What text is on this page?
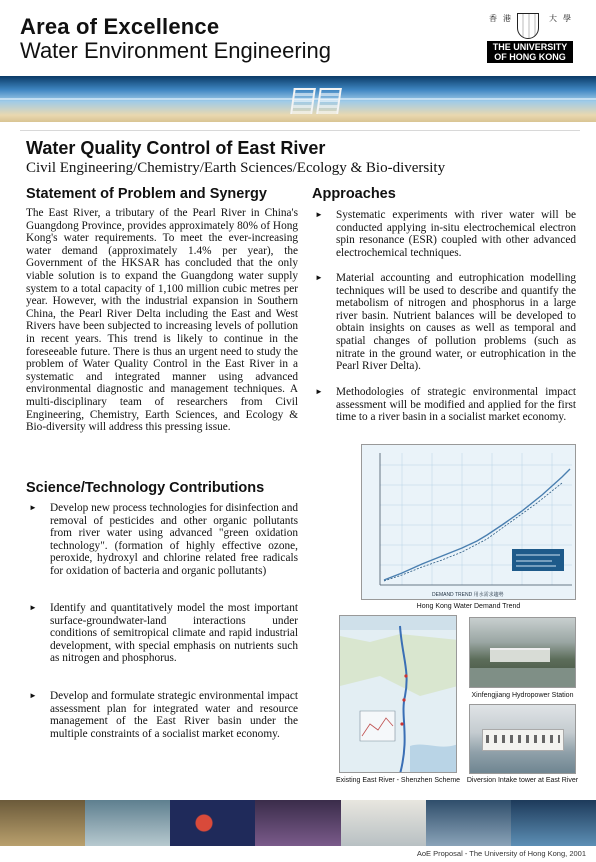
Area of Excellence
Water Environment Engineering
香 港	大 學
THE UNIVERSITY
OF HONG KONG
Water Quality Control of East River
Civil Engineering/Chemistry/Earth Sciences/Ecology & Bio-diversity
Statement of Problem and Synergy
The East River, a tributary of the Pearl River in China's Guangdong Province, provides approximately 80% of Hong Kong's water requirements. To meet the ever-increasing water demand (approximately 1.4% per year), the Government of the HKSAR has concluded that the only viable solution is to expand the Guangdong water supply system to a total capacity of 1,100 million cubic metres per year. However, with the industrial expansion in Southern China, the Pearl River Delta including the East and West Rivers have been subjected to increasing levels of pollution in recent years. This trend is likely to continue in the foreseeable future. There is thus an urgent need to study the problem of Water Quality Control in the East River in a systematic and integrated manner using advanced environmental diagnostic and management techniques. A multi-disciplinary team of researchers from Civil Engineering, Chemistry, Earth Sciences, and Ecology & Bio-diversity will address this pressing issue.
Science/Technology Contributions
► Develop new process technologies for disinfection and removal of pesticides and other organic pollutants from river water using advanced "green oxidation technology". (formation of highly effective ozone, peroxide, hydroxyl and chlorine related free radicals for oxidation of bacteria and organic pollutants)
► Identify and quantitatively model the most important surface-groundwater-land interactions under conditions of semitropical climate and rapid industrial development, with special emphasis on nutrients such as nitrogen and phosphorus.
► Develop and formulate strategic environmental impact assessment plan for integrated water and resource management of the East River basin under the multiple constraints of a socialist market economy.
Approaches
► Systematic experiments with river water will be conducted applying in-situ electrochemical electron spin resonance (ESR) coupled with other advanced electrochemical techniques.
► Material accounting and eutrophication modelling techniques will be used to describe and quantify the metabolism of nitrogen and phosphorus in a large river basin. Nutrient balances will be developed to obtain insights on causes as well as temporal and spatial changes of pollution problems (such as nitrate in the ground water, or eutrophication in the Pearl River Delta).
► Methodologies of strategic environmental impact assessment will be modified and applied for the first time to a river basin in a socialist market economy.
DEMAND TREND 用水需求趨勢
Hong Kong Water Demand Trend
Existing East River - Shenzhen Scheme
Xinfengjiang Hydropower Station
Diversion Intake tower at East River
AoE Proposal - The University of Hong Kong, 2001
